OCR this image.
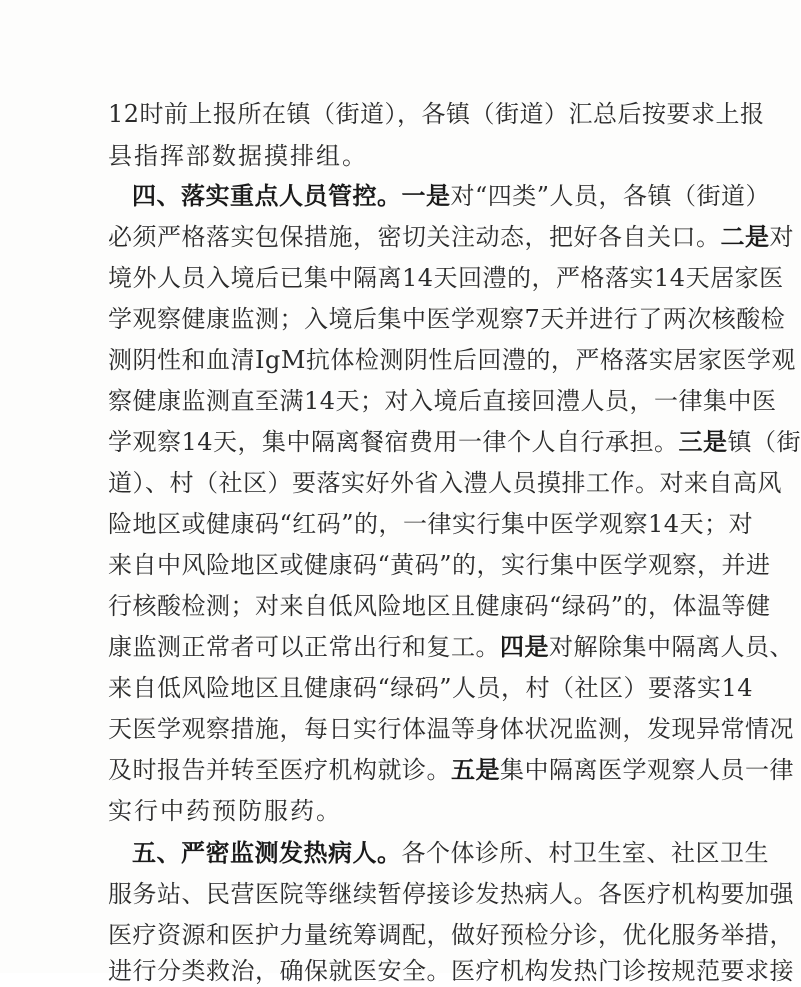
12时前上报所在镇（街道），各镇（街道）汇总后按要求上报
县指挥部数据摸排组。
四、落实重点人员管控。一是对“四类”人员，各镇（街道）
必须严格落实包保措施，密切关注动态，把好各自关口。二是对
境外人员入境后已集中隔离14天回澧的，严格落实14天居家医
学观察健康监测；入境后集中医学观察7天并进行了两次核酸检
测阴性和血清IgM抗体检测阴性后回澧的，严格落实居家医学观
察健康监测直至满14天；对入境后直接回澧人员，一律集中医
学观察14天，集中隔离餐宿费用一律个人自行承担。三是镇（街
道）、村（社区）要落实好外省入澧人员摸排工作。对来自高风
险地区或健康码“红码”的，一律实行集中医学观察14天；对
来自中风险地区或健康码“黄码”的，实行集中医学观察，并进
行核酸检测；对来自低风险地区且健康码“绿码”的，体温等健
康监测正常者可以正常出行和复工。四是对解除集中隔离人员、
来自低风险地区且健康码“绿码”人员，村（社区）要落实14
天医学观察措施，每日实行体温等身体状况监测，发现异常情况
及时报告并转至医疗机构就诊。五是集中隔离医学观察人员一律
实行中药预防服药。
五、严密监测发热病人。各个体诊所、村卫生室、社区卫生
服务站、民营医院等继续暂停接诊发热病人。各医疗机构要加强
医疗资源和医护力量统筹调配，做好预检分诊，优化服务举措，
进行分类救治，确保就医安全。医疗机构发热门诊按规范要求接
